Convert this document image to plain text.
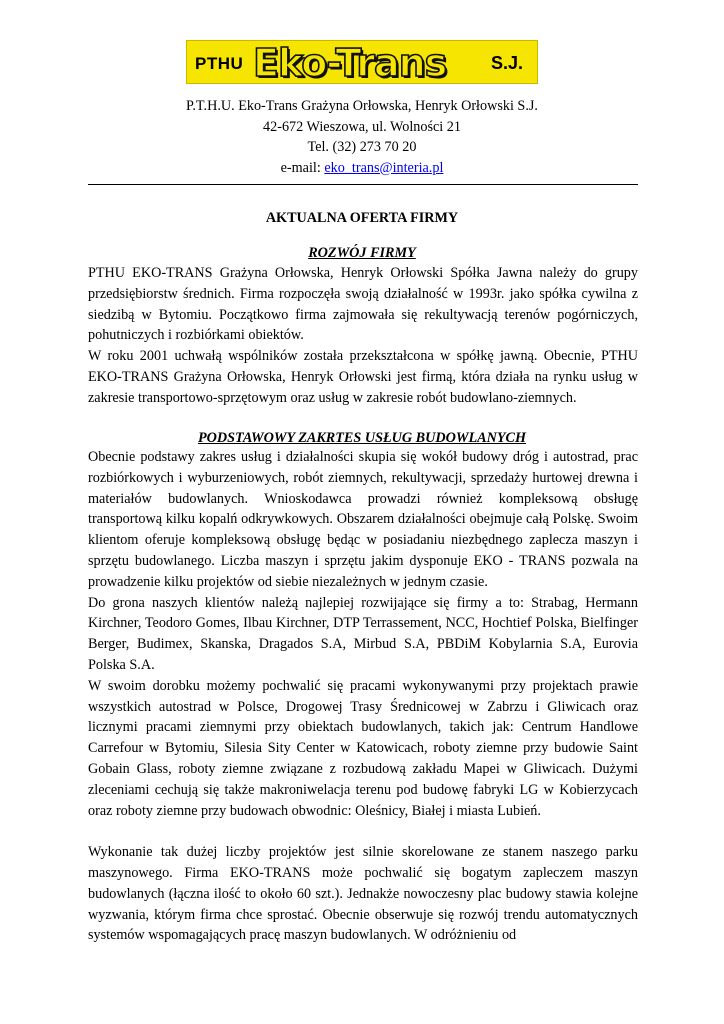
PTHU Eko-Trans S.J.
P.T.H.U. Eko-Trans Grażyna Orłowska, Henryk Orłowski S.J.
42-672 Wieszowa, ul. Wolności 21
Tel. (32) 273 70 20
e-mail: eko_trans@interia.pl
AKTUALNA OFERTA FIRMY
ROZWÓJ FIRMY

PTHU EKO-TRANS Grażyna Orłowska, Henryk Orłowski Spółka Jawna należy do grupy przedsiębiorstw średnich. Firma rozpoczęła swoją działalność w 1993r. jako spółka cywilna z siedzibą w Bytomiu. Początkowo firma zajmowała się rekultywacją terenów pogórniczych, pohutniczych i rozbiórkami obiektów.

W roku 2001 uchwałą wspólników została przekształcona w spółkę jawną. Obecnie, PTHU EKO-TRANS Grażyna Orłowska, Henryk Orłowski jest firmą, która działa na rynku usług w zakresie transportowo-sprzętowym oraz usług w zakresie robót budowlano-ziemnych.

PODSTAWOWY ZAKRTES USŁUG BUDOWLANYCH

Obecnie podstawy zakres usług i działalności skupia się wokół budowy dróg i autostrad, prac rozbiórkowych i wyburzeniowych, robót ziemnych, rekultywacji, sprzedaży hurtowej drewna i materiałów budowlanych. Wnioskodawca prowadzi również kompleksową obsługę transportową kilku kopalń odkrywkowych. Obszarem działalności obejmuje całą Polskę. Swoim klientom oferuje kompleksową obsługę będąc w posiadaniu niezbędnego zaplecza maszyn i sprzętu budowlanego. Liczba maszyn i sprzętu jakim dysponuje EKO - TRANS pozwala na prowadzenie kilku projektów od siebie niezależnych w jednym czasie.

Do grona naszych klientów należą najlepiej rozwijające się firmy a to: Strabag, Hermann Kirchner, Teodoro Gomes, Ilbau Kirchner, DTP Terrassement, NCC, Hochtief Polska, Bielfinger Berger, Budimex, Skanska, Dragados S.A, Mirbud S.A, PBDiM Kobylarnia S.A, Eurovia Polska S.A.

W swoim dorobku możemy pochwalić się pracami wykonywanymi przy projektach prawie wszystkich autostrad w Polsce, Drogowej Trasy Średnicowej w Zabrzu i Gliwicach oraz licznymi pracami ziemnymi przy obiektach budowlanych, takich jak: Centrum Handlowe Carrefour w Bytomiu, Silesia Sity Center w Katowicach, roboty ziemne przy budowie Saint Gobain Glass, roboty ziemne związane z rozbudową zakładu Mapei w Gliwicach. Dużymi zleceniami cechują się także makroniwelacja terenu pod budowę fabryki LG w Kobierzycach oraz roboty ziemne przy budowach obwodnic: Oleśnicy, Białej i miasta Lubień.

Wykonanie tak dużej liczby projektów jest silnie skorelowane ze stanem naszego parku maszynowego. Firma EKO-TRANS może pochwalić się bogatym zapleczem maszyn budowlanych (łączna ilość to około 60 szt.). Jednakże nowoczesny plac budowy stawia kolejne wyzwania, którym firma chce sprostać. Obecnie obserwuje się rozwój trendu automatycznych systemów wspomagających pracę maszyn budowlanych. W odróżnieniu od
